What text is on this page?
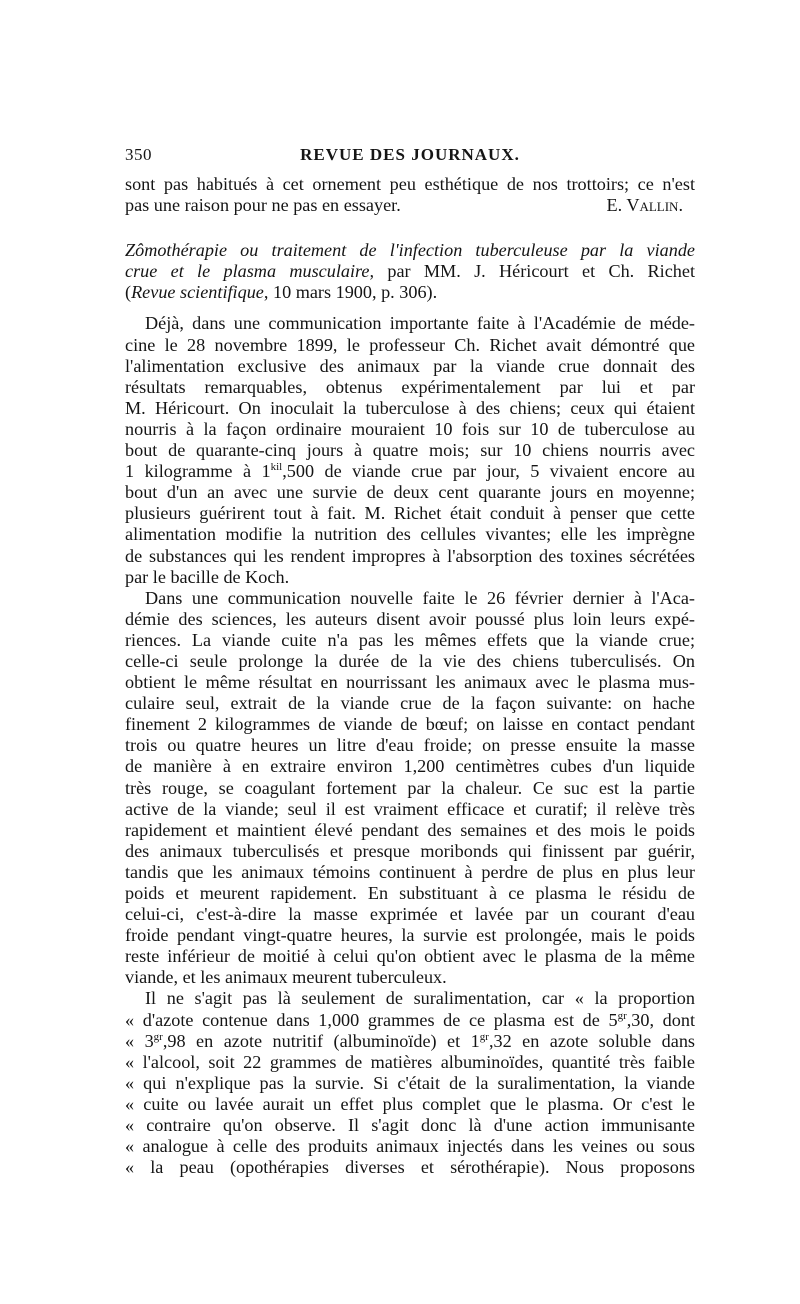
350	REVUE DES JOURNAUX.
sont pas habitués à cet ornement peu esthétique de nos trottoirs; ce n'est
pas une raison pour ne pas en essayer.	E. Vallin.
Zômothérapie ou traitement de l'infection tuberculeuse par la viande
crue et le plasma musculaire, par MM. J. Héricourt et Ch. Richet
(Revue scientifique, 10 mars 1900, p. 306).
Déjà, dans une communication importante faite à l'Académie de méde-
cine le 28 novembre 1899, le professeur Ch. Richet avait démontré que
l'alimentation exclusive des animaux par la viande crue donnait des
résultats remarquables, obtenus expérimentalement par lui et par
M. Héricourt. On inoculait la tuberculose à des chiens; ceux qui étaient
nourris à la façon ordinaire mouraient 10 fois sur 10 de tuberculose au
bout de quarante-cinq jours à quatre mois; sur 10 chiens nourris avec
1 kilogramme à $1^{kil},500$ de viande crue par jour, 5 vivaient encore au
bout d'un an avec une survie de deux cent quarante jours en moyenne;
plusieurs guérirent tout à fait. M. Richet était conduit à penser que cette
alimentation modifie la nutrition des cellules vivantes; elle les imprègne
de substances qui les rendent impropres à l'absorption des toxines sécrétées
par le bacille de Koch.
Dans une communication nouvelle faite le 26 février dernier à l'Aca-
démie des sciences, les auteurs disent avoir poussé plus loin leurs expé-
riences. La viande cuite n'a pas les mêmes effets que la viande crue;
celle-ci seule prolonge la durée de la vie des chiens tuberculisés. On
obtient le même résultat en nourrissant les animaux avec le plasma mus-
culaire seul, extrait de la viande crue de la façon suivante: on hache
finement 2 kilogrammes de viande de bœuf; on laisse en contact pendant
trois ou quatre heures un litre d'eau froide; on presse ensuite la masse
de manière à en extraire environ 1,200 centimètres cubes d'un liquide
très rouge, se coagulant fortement par la chaleur. Ce suc est la partie
active de la viande; seul il est vraiment efficace et curatif; il relève très
rapidement et maintient élevé pendant des semaines et des mois le poids
des animaux tuberculisés et presque moribonds qui finissent par guérir,
tandis que les animaux témoins continuent à perdre de plus en plus leur
poids et meurent rapidement. En substituant à ce plasma le résidu de
celui-ci, c'est-à-dire la masse exprimée et lavée par un courant d'eau
froide pendant vingt-quatre heures, la survie est prolongée, mais le poids
reste inférieur de moitié à celui qu'on obtient avec le plasma de la même
viande, et les animaux meurent tuberculeux.
Il ne s'agit pas là seulement de suralimentation, car « la proportion
« d'azote contenue dans 1,000 grammes de ce plasma est de $5^{gr},30$, dont
« $3^{gr},98$ en azote nutritif (albuminoïde) et $1^{gr},32$ en azote soluble dans
« l'alcool, soit 22 grammes de matières albuminoïdes, quantité très faible
« qui n'explique pas la survie. Si c'était de la suralimentation, la viande
« cuite ou lavée aurait un effet plus complet que le plasma. Or c'est le
« contraire qu'on observe. Il s'agit donc là d'une action immunisante
« analogue à celle des produits animaux injectés dans les veines ou sous
« la peau (opothérapies diverses et sérothérapie). Nous proposons
